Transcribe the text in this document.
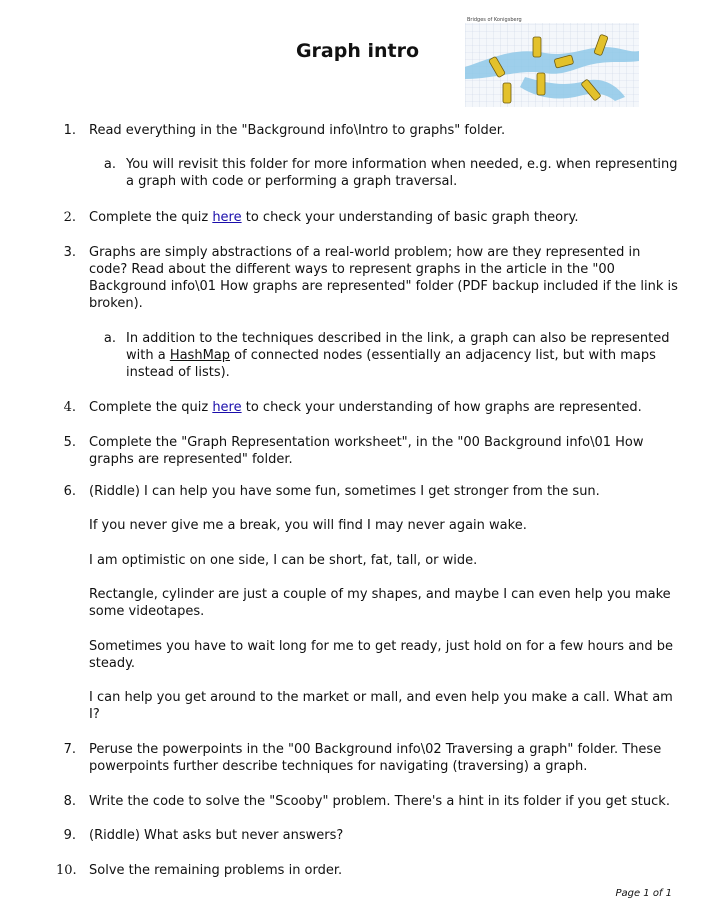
Graph intro
Bridges of Konigsberg
1. Read everything in the "Background info\Intro to graphs" folder.
a. You will revisit this folder for more information when needed, e.g. when representing a graph with code or performing a graph traversal.
2. Complete the quiz here to check your understanding of basic graph theory.
3. Graphs are simply abstractions of a real-world problem; how are they represented in code? Read about the different ways to represent graphs in the article in the "00 Background info\01 How graphs are represented" folder (PDF backup included if the link is broken).
a. In addition to the techniques described in the link, a graph can also be represented with a HashMap of connected nodes (essentially an adjacency list, but with maps instead of lists).
4. Complete the quiz here to check your understanding of how graphs are represented.
5. Complete the "Graph Representation worksheet", in the "00 Background info\01 How graphs are represented" folder.
6. (Riddle) I can help you have some fun, sometimes I get stronger from the sun.
If you never give me a break, you will find I may never again wake.
I am optimistic on one side, I can be short, fat, tall, or wide.
Rectangle, cylinder are just a couple of my shapes, and maybe I can even help you make some videotapes.
Sometimes you have to wait long for me to get ready, just hold on for a few hours and be steady.
I can help you get around to the market or mall, and even help you make a call. What am I?
7. Peruse the powerpoints in the "00 Background info\02 Traversing a graph" folder. These powerpoints further describe techniques for navigating (traversing) a graph.
8. Write the code to solve the "Scooby" problem. There's a hint in its folder if you get stuck.
9. (Riddle) What asks but never answers?
10. Solve the remaining problems in order.
Page 1 of 1
